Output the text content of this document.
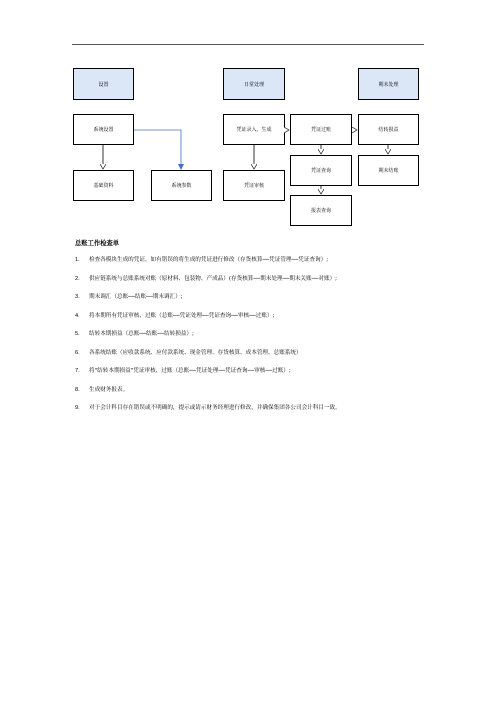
设置	日常处理	期末处理
系统设置	凭证录入、生成	凭证过账	结转损益
基础资料	系统参数	凭证审核
凭证查询	期末结账
报表查询
总账工作检查单
1. 检查各模块生成的凭证，如有错误的将生成的凭证进行修改（存货核算──凭证管理──凭证查询）;
2. 供应链系统与总账系统对账（原材料、包装物、产成品）(存货核算──期末处理──期末关账──对账）;
3. 期末调汇（总账──结账──期末调汇）;
4. 将本期所有凭证审核、过账（总账──凭证处理──凭证查询──审核──过账）;
5. 结转本期损益（总账──结账──结转损益）;
6. 各系统结账（应收款系统、应付款系统、现金管理、存货核算、成本管理、总账系统）
7. 将"结转本期损益"凭证审核、过账（总账──凭证处理──凭证查询──审核──过账）;
8. 生成财务报表。
9. 对于会计科目存在错误或不明确的，提示或请示财务经理进行修改，并确保集团各公司会计科目一致。
